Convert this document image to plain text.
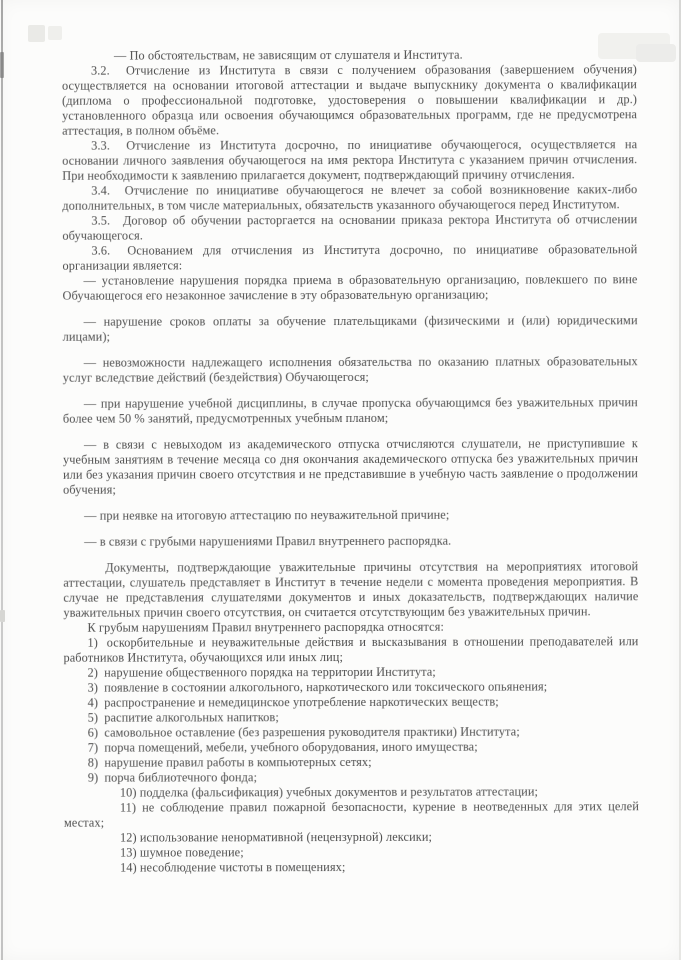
— По обстоятельствам, не зависящим от слушателя и Института.

3.2. Отчисление из Института в связи с получением образования (завершением обучения) осуществляется на основании итоговой аттестации и выдаче выпускнику документа о квалификации (диплома о профессиональной подготовке, удостоверения о повышении квалификации и др.) установленного образца или освоения обучающимся образовательных программ, где не предусмотрена аттестация, в полном объёме.

3.3. Отчисление из Института досрочно, по инициативе обучающегося, осуществляется на основании личного заявления обучающегося на имя ректора Института с указанием причин отчисления. При необходимости к заявлению прилагается документ, подтверждающий причину отчисления.

3.4. Отчисление по инициативе обучающегося не влечет за собой возникновение каких-либо дополнительных, в том числе материальных, обязательств указанного обучающегося перед Институтом.

3.5. Договор об обучении расторгается на основании приказа ректора Института об отчислении обучающегося.

3.6. Основанием для отчисления из Института досрочно, по инициативе образовательной организации является:

— установление нарушения порядка приема в образовательную организацию, повлекшего по вине Обучающегося его незаконное зачисление в эту образовательную организацию;

— нарушение сроков оплаты за обучение плательщиками (физическими и (или) юридическими лицами);

— невозможности надлежащего исполнения обязательства по оказанию платных образовательных услуг вследствие действий (бездействия) Обучающегося;

— при нарушение учебной дисциплины, в случае пропуска обучающимся без уважительных причин более чем 50 % занятий, предусмотренных учебным планом;

— в связи с невыходом из академического отпуска отчисляются слушатели, не приступившие к учебным занятиям в течение месяца со дня окончания академического отпуска без уважительных причин или без указания причин своего отсутствия и не представившие в учебную часть заявление о продолжении обучения;

— при неявке на итоговую аттестацию по неуважительной причине;

— в связи с грубыми нарушениями Правил внутреннего распорядка.

Документы, подтверждающие уважительные причины отсутствия на мероприятиях итоговой аттестации, слушатель представляет в Институт в течение недели с момента проведения мероприятия. В случае не представления слушателями документов и иных доказательств, подтверждающих наличие уважительных причин своего отсутствия, он считается отсутствующим без уважительных причин.

К грубым нарушениям Правил внутреннего распорядка относятся:

1) оскорбительные и неуважительные действия и высказывания в отношении преподавателей или работников Института, обучающихся или иных лиц;

2) нарушение общественного порядка на территории Института;

3) появление в состоянии алкогольного, наркотического или токсического опьянения;

4) распространение и немедицинское употребление наркотических веществ;

5) распитие алкогольных напитков;

6) самовольное оставление (без разрешения руководителя практики) Института;

7) порча помещений, мебели, учебного оборудования, иного имущества;

8) нарушение правил работы в компьютерных сетях;

9) порча библиотечного фонда;

10) подделка (фальсификация) учебных документов и результатов аттестации;

11) не соблюдение правил пожарной безопасности, курение в неотведенных для этих целей местах;

12) использование ненормативной (нецензурной) лексики;

13) шумное поведение;

14) несоблюдение чистоты в помещениях;
